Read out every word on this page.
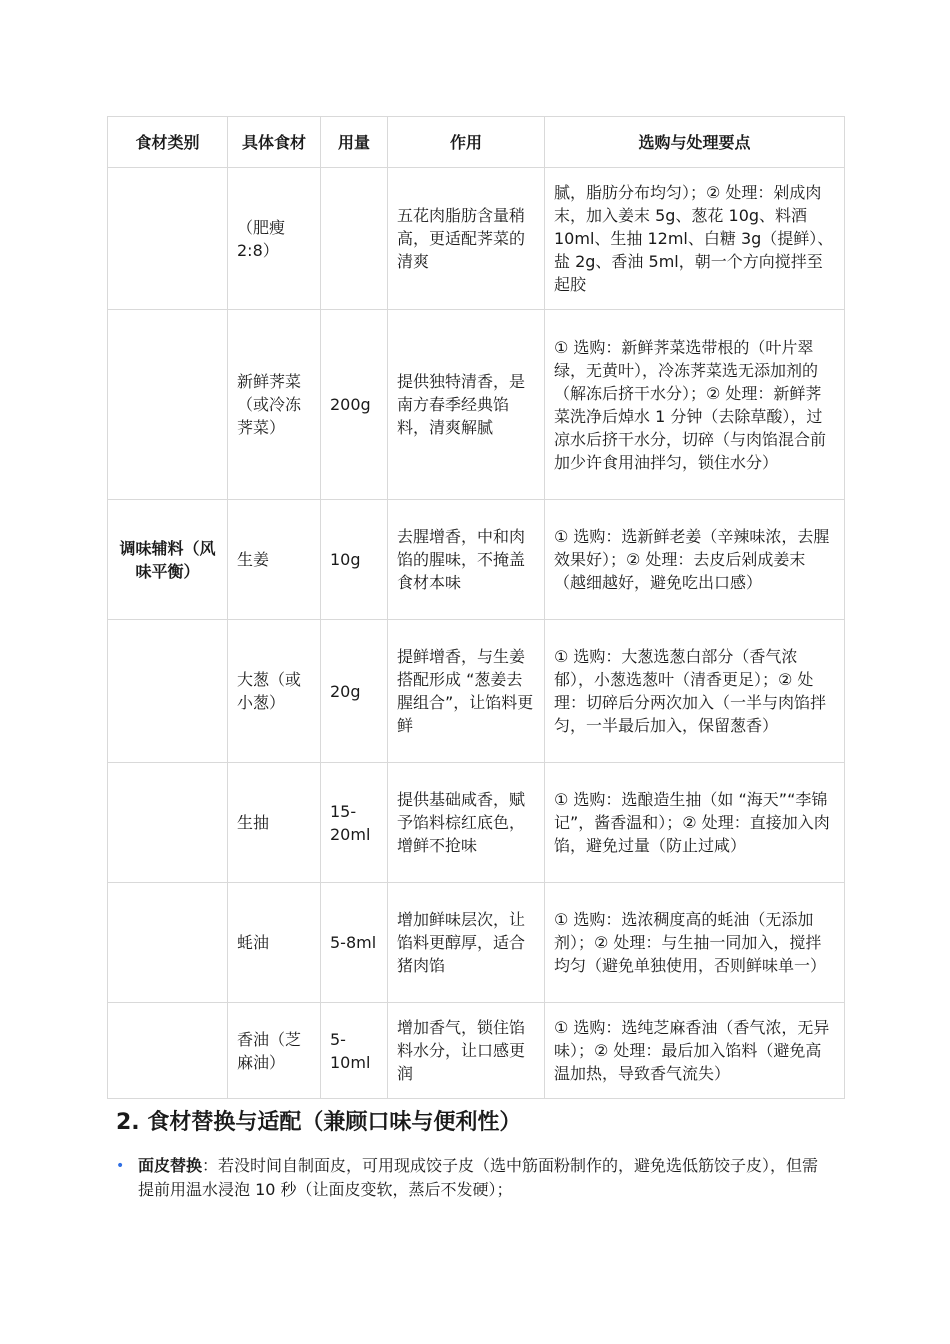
食材类别	具体食材	用量	作用	选购与处理要点
	（肥瘦 2:8）		五花肉脂肪含量稍高，更适配荠菜的清爽	腻，脂肪分布均匀）；② 处理：剁成肉末，加入姜末 5g、葱花 10g、料酒 10ml、生抽 12ml、白糖 3g（提鲜）、盐 2g、香油 5ml，朝一个方向搅拌至起胶
	新鲜荠菜（或冷冻荠菜）	200g	提供独特清香，是南方春季经典馅料，清爽解腻	① 选购：新鲜荠菜选带根的（叶片翠绿，无黄叶），冷冻荠菜选无添加剂的（解冻后挤干水分）；② 处理：新鲜荠菜洗净后焯水 1 分钟（去除草酸），过凉水后挤干水分，切碎（与肉馅混合前加少许食用油拌匀，锁住水分）
调味辅料（风味平衡）	生姜	10g	去腥增香，中和肉馅的腥味，不掩盖食材本味	① 选购：选新鲜老姜（辛辣味浓，去腥效果好）；② 处理：去皮后剁成姜末（越细越好，避免吃出口感）
	大葱（或小葱）	20g	提鲜增香，与生姜搭配形成 “葱姜去腥组合”，让馅料更鲜	① 选购：大葱选葱白部分（香气浓郁），小葱选葱叶（清香更足）；② 处理：切碎后分两次加入（一半与肉馅拌匀，一半最后加入，保留葱香）
	生抽	15-20ml	提供基础咸香，赋予馅料棕红底色，增鲜不抢味	① 选购：选酿造生抽（如 “海天”“李锦记”，酱香温和）；② 处理：直接加入肉馅，避免过量（防止过咸）
	蚝油	5-8ml	增加鲜味层次，让馅料更醇厚，适合猪肉馅	① 选购：选浓稠度高的蚝油（无添加剂）；② 处理：与生抽一同加入，搅拌均匀（避免单独使用，否则鲜味单一）
	香油（芝麻油）	5-10ml	增加香气，锁住馅料水分，让口感更润	① 选购：选纯芝麻香油（香气浓，无异味）；② 处理：最后加入馅料（避免高温加热，导致香气流失）
2. 食材替换与适配（兼顾口味与便利性）
• 面皮替换：若没时间自制面皮，可用现成饺子皮（选中筋面粉制作的，避免选低筋饺子皮），但需提前用温水浸泡 10 秒（让面皮变软，蒸后不发硬）；
